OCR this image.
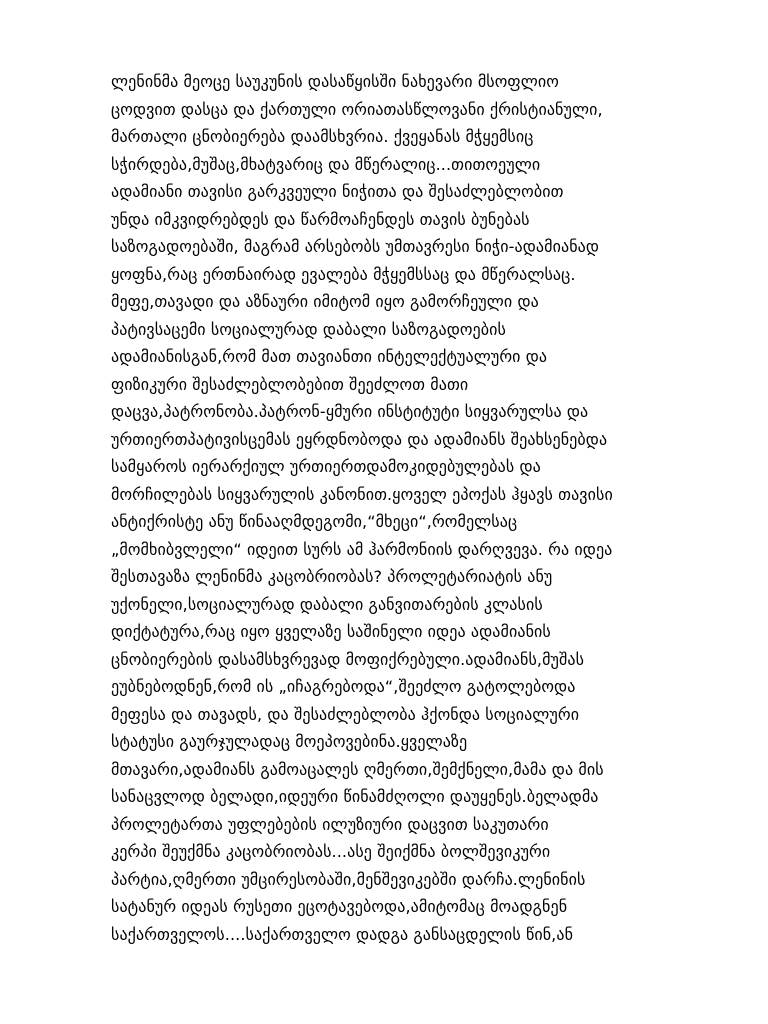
ლენინმა მეოცე საუკუნის დასაწყისში ნახევარი მსოფლიო
ცოდვით დასცა და ქართული ორიათასწლოვანი ქრისტიანული,
მართალი ცნობიერება დაამსხვრია. ქვეყანას მჭყემსიც
სჭირდება,მუშაც,მხატვარიც და მწერალიც...თითოეული
ადამიანი თავისი გარკვეული ნიჭითა და შესაძლებლობით
უნდა იმკვიდრებდეს და წარმოაჩენდეს თავის ბუნებას
საზოგადოებაში, მაგრამ არსებობს უმთავრესი ნიჭი-ადამიანად
ყოფნა,რაც ერთნაირად ევალება მჭყემსსაც და მწერალსაც.
მეფე,თავადი და აზნაური იმიტომ იყო გამორჩეული და
პატივსაცემი სოციალურად დაბალი საზოგადოების
ადამიანისგან,რომ მათ თავიანთი ინტელექტუალური და
ფიზიკური შესაძლებლობებით შეეძლოთ მათი
დაცვა,პატრონობა.პატრონ-ყმური ინსტიტუტი სიყვარულსა და
ურთიერთპატივისცემას ეყრდნობოდა და ადამიანს შეახსენებდა
სამყაროს იერარქიულ ურთიერთდამოკიდებულებას და
მორჩილებას სიყვარულის კანონით.ყოველ ეპოქას ჰყავს თავისი
ანტიქრისტე ანუ წინააღმდეგომი,“მხეცი“,რომელსაც
„მომხიბვლელი“ იდეით სურს ამ ჰარმონიის დარღვევა. რა იდეა
შესთავაზა ლენინმა კაცობრიობას? პროლეტარიატის ანუ
უქონელი,სოციალურად დაბალი განვითარების კლასის
დიქტატურა,რაც იყო ყველაზე საშინელი იდეა ადამიანის
ცნობიერების დასამსხვრევად მოფიქრებული.ადამიანს,მუშას
ეუბნებოდნენ,რომ ის „იჩაგრებოდა“,შეეძლო გატოლებოდა
მეფესა და თავადს, და შესაძლებლობა ჰქონდა სოციალური
სტატუსი გაურჯულადაც მოეპოვებინა.ყველაზე
მთავარი,ადამიანს გამოაცალეს ღმერთი,შემქნელი,მამა და მის
სანაცვლოდ ბელადი,იდეური წინამძღოლი დაუყენეს.ბელადმა
პროლეტართა უფლებების ილუზიური დაცვით საკუთარი
კერპი შეუქმნა კაცობრიობას...ასე შეიქმნა ბოლშევიკური
პარტია,ღმერთი უმცირესობაში,მენშევიკებში დარჩა.ლენინის
სატანურ იდეას რუსეთი ეცოტავებოდა,ამიტომაც მოადგნენ
საქართველოს....საქართველო დადგა განსაცდელის წინ,ან
